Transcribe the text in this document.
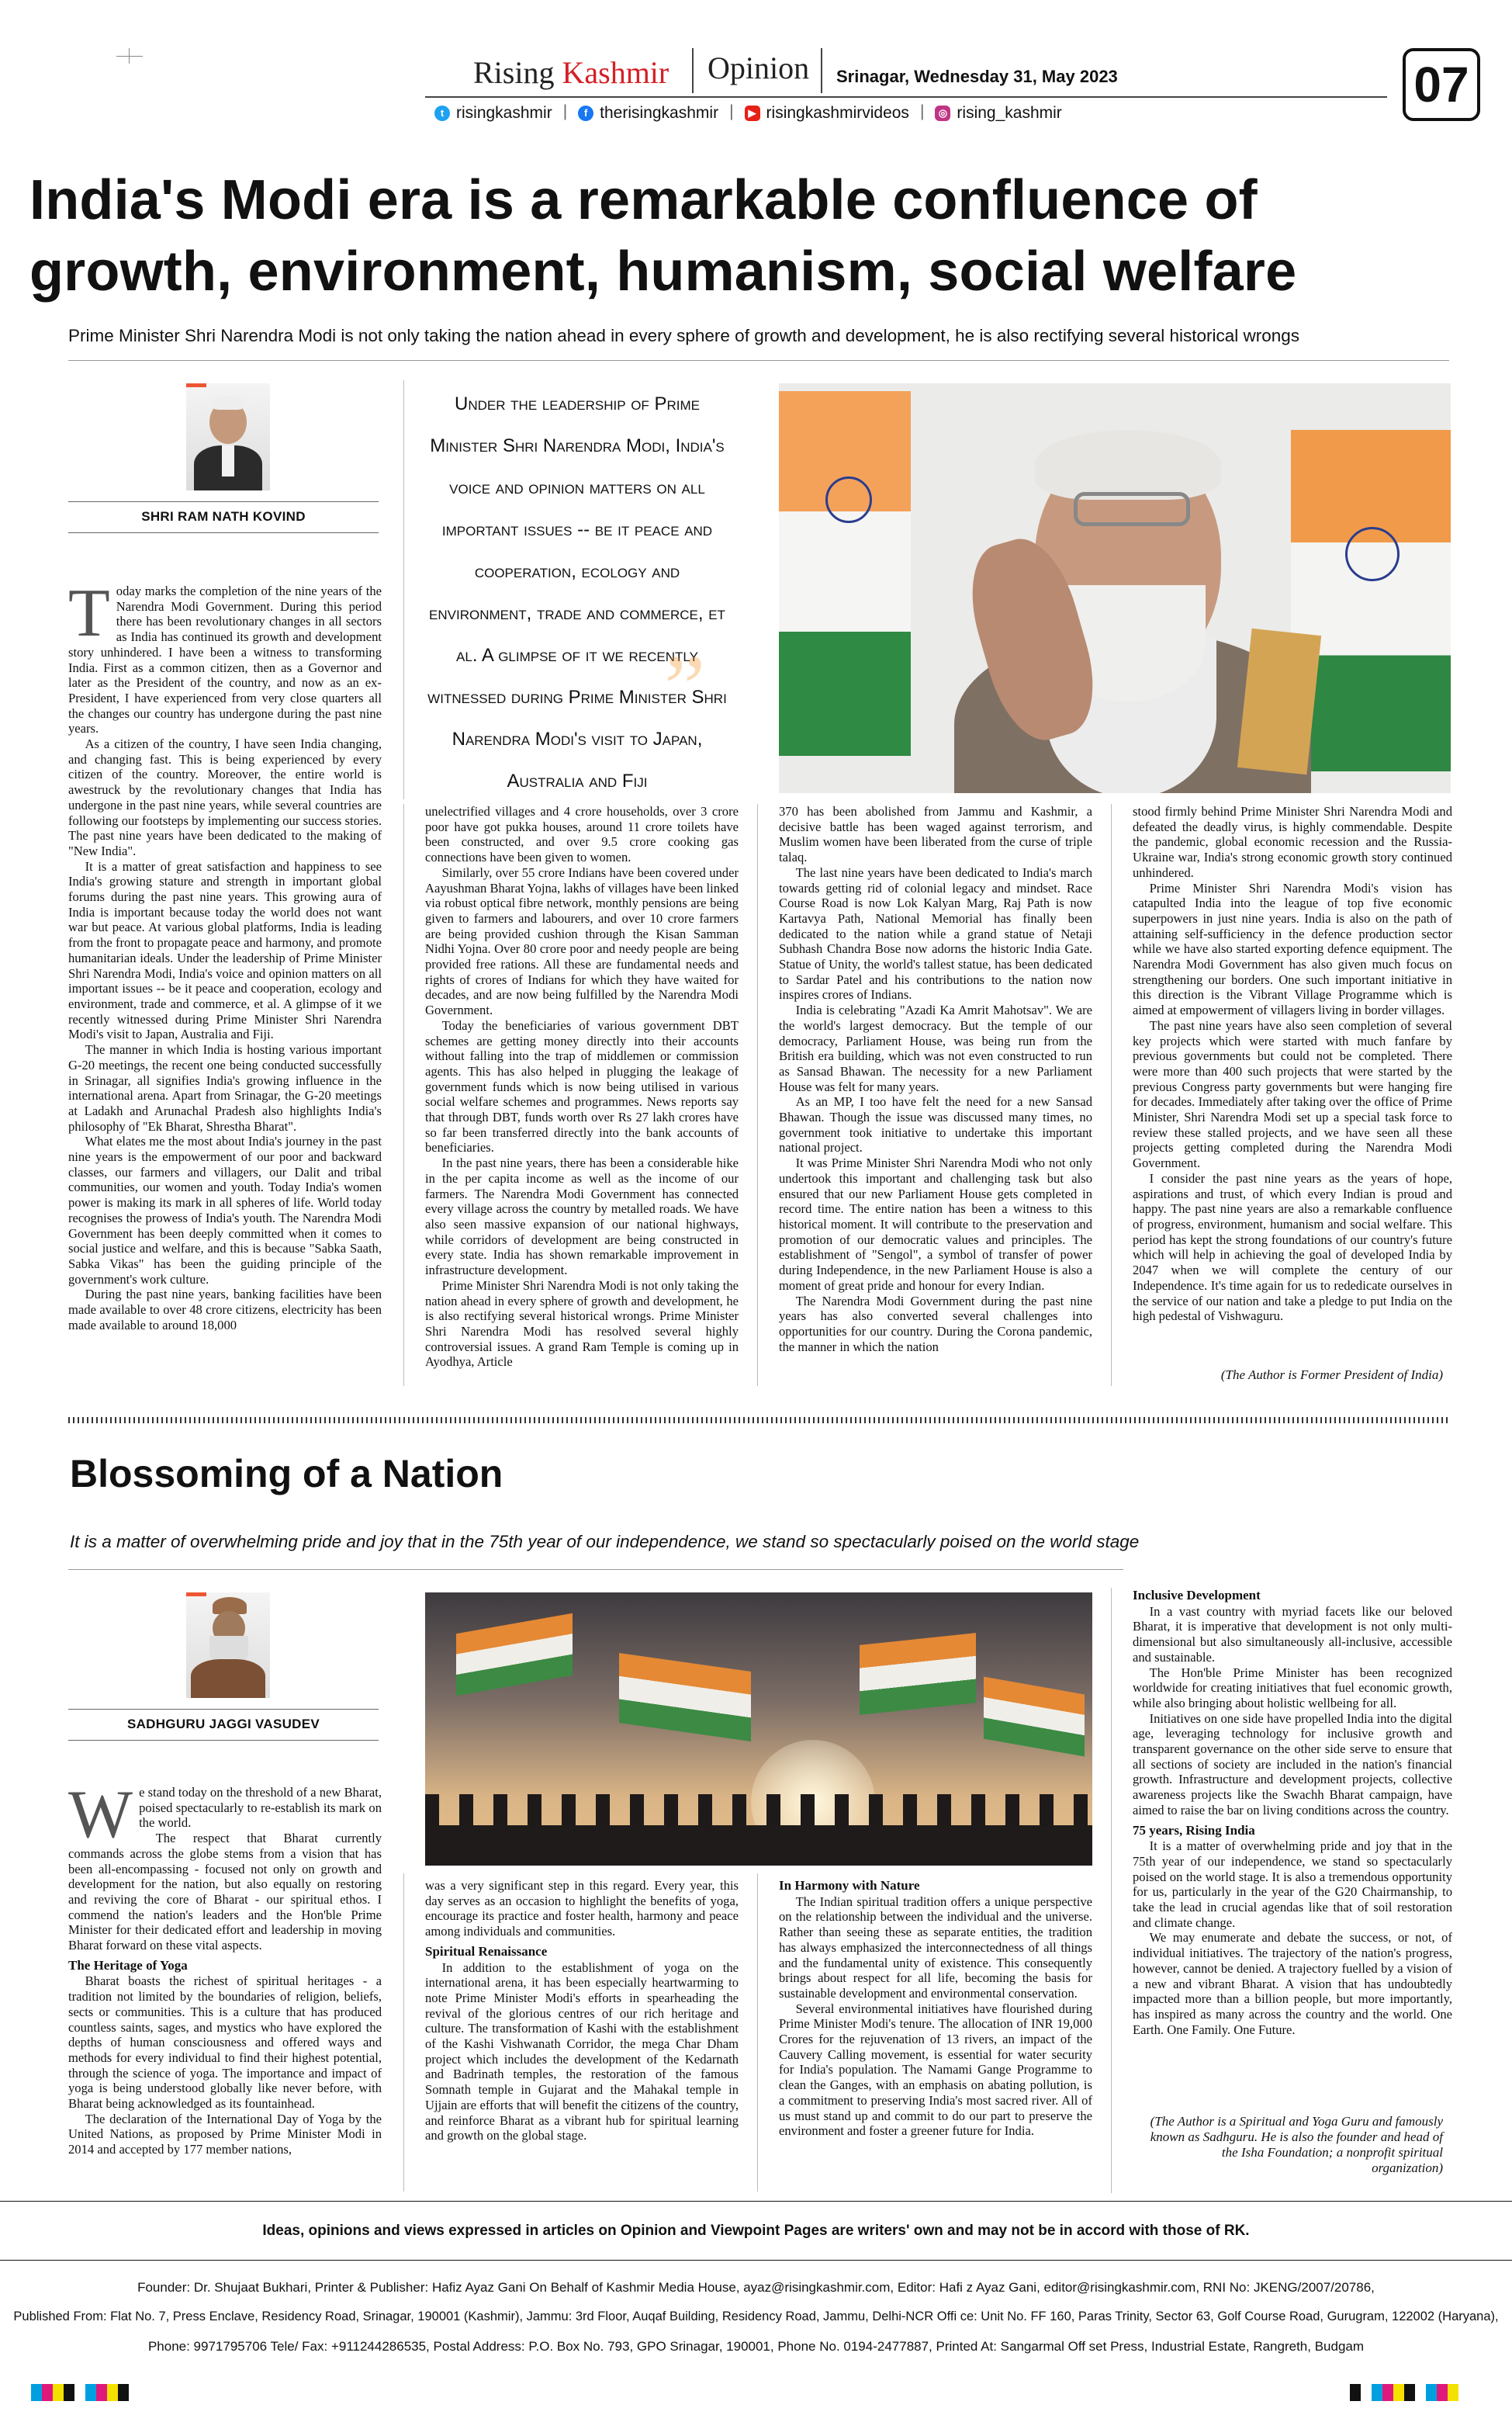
Rising Kashmir Opinion Srinagar, Wednesday 31, May 2023	07
t risingkashmir |	f therisingkashmir |	▶ risingkashmirvideos |	◎ rising_kashmir
India's Modi era is a remarkable confluence of
growth, environment, humanism, social welfare
Prime Minister Shri Narendra Modi is not only taking the nation ahead in every sphere of growth and development, he is also rectifying several historical wrongs
SHRI RAM NATH KOVIND
Under the leadership of Prime Minister Shri Narendra Modi, India's voice and opinion matters on all important issues -- be it peace and cooperation, ecology and environment, trade and commerce, et al. A glimpse of it we recently witnessed during Prime Minister Shri Narendra Modi's visit to Japan, Australia and Fiji
”

Today marks the completion of the nine years of the Narendra Modi Government. During this period there has been revolutionary changes in all sectors as India has continued its growth and development story unhindered. I have been a witness to transforming India. First as a common citizen, then as a Governor and later as the President of the country, and now as an ex-President, I have experienced from very close quarters all the changes our country has undergone during the past nine years.

As a citizen of the country, I have seen India changing, and changing fast. This is being experienced by every citizen of the country. Moreover, the entire world is awestruck by the revolutionary changes that India has undergone in the past nine years, while several countries are following our footsteps by implementing our success stories. The past nine years have been dedicated to the making of "New India".

It is a matter of great satisfaction and happiness to see India's growing stature and strength in important global forums during the past nine years. This growing aura of India is important because today the world does not want war but peace. At various global platforms, India is leading from the front to propagate peace and harmony, and promote humanitarian ideals. Under the leadership of Prime Minister Shri Narendra Modi, India's voice and opinion matters on all important issues -- be it peace and cooperation, ecology and environment, trade and commerce, et al. A glimpse of it we recently witnessed during Prime Minister Shri Narendra Modi's visit to Japan, Australia and Fiji.

The manner in which India is hosting various important G-20 meetings, the recent one being conducted successfully in Srinagar, all signifies India's growing influence in the international arena. Apart from Srinagar, the G-20 meetings at Ladakh and Arunachal Pradesh also highlights India's philosophy of "Ek Bharat, Shrestha Bharat".

What elates me the most about India's journey in the past nine years is the empowerment of our poor and backward classes, our farmers and villagers, our Dalit and tribal communities, our women and youth. Today India's women power is making its mark in all spheres of life. World today recognises the prowess of India's youth. The Narendra Modi Government has been deeply committed when it comes to social justice and welfare, and this is because "Sabka Saath, Sabka Vikas" has been the guiding principle of the government's work culture.

During the past nine years, banking facilities have been made available to over 48 crore citizens, electricity has been made available to around 18,000

unelectrified villages and 4 crore households, over 3 crore poor have got pukka houses, around 11 crore toilets have been constructed, and over 9.5 crore cooking gas connections have been given to women.

Similarly, over 55 crore Indians have been covered under Aayushman Bharat Yojna, lakhs of villages have been linked via robust optical fibre network, monthly pensions are being given to farmers and labourers, and over 10 crore farmers are being provided cushion through the Kisan Samman Nidhi Yojna. Over 80 crore poor and needy people are being provided free rations. All these are fundamental needs and rights of crores of Indians for which they have waited for decades, and are now being fulfilled by the Narendra Modi Government.

Today the beneficiaries of various government DBT schemes are getting money directly into their accounts without falling into the trap of middlemen or commission agents. This has also helped in plugging the leakage of government funds which is now being utilised in various social welfare schemes and programmes. News reports say that through DBT, funds worth over Rs 27 lakh crores have so far been transferred directly into the bank accounts of beneficiaries.

In the past nine years, there has been a considerable hike in the per capita income as well as the income of our farmers. The Narendra Modi Government has connected every village across the country by metalled roads. We have also seen massive expansion of our national highways, while corridors of development are being constructed in every state. India has shown remarkable improvement in infrastructure development.

Prime Minister Shri Narendra Modi is not only taking the nation ahead in every sphere of growth and development, he is also rectifying several historical wrongs. Prime Minister Shri Narendra Modi has resolved several highly controversial issues. A grand Ram Temple is coming up in Ayodhya, Article

370 has been abolished from Jammu and Kashmir, a decisive battle has been waged against terrorism, and Muslim women have been liberated from the curse of triple talaq.

The last nine years have been dedicated to India's march towards getting rid of colonial legacy and mindset. Race Course Road is now Lok Kalyan Marg, Raj Path is now Kartavya Path, National Memorial has finally been dedicated to the nation while a grand statue of Netaji Subhash Chandra Bose now adorns the historic India Gate. Statue of Unity, the world's tallest statue, has been dedicated to Sardar Patel and his contributions to the nation now inspires crores of Indians.

India is celebrating "Azadi Ka Amrit Mahotsav". We are the world's largest democracy. But the temple of our democracy, Parliament House, was being run from the British era building, which was not even constructed to run as Sansad Bhawan. The necessity for a new Parliament House was felt for many years.

As an MP, I too have felt the need for a new Sansad Bhawan. Though the issue was discussed many times, no government took initiative to undertake this important national project.

It was Prime Minister Shri Narendra Modi who not only undertook this important and challenging task but also ensured that our new Parliament House gets completed in record time. The entire nation has been a witness to this historical moment. It will contribute to the preservation and promotion of our democratic values and principles. The establishment of "Sengol", a symbol of transfer of power during Independence, in the new Parliament House is also a moment of great pride and honour for every Indian.

The Narendra Modi Government during the past nine years has also converted several challenges into opportunities for our country. During the Corona pandemic, the manner in which the nation

stood firmly behind Prime Minister Shri Narendra Modi and defeated the deadly virus, is highly commendable. Despite the pandemic, global economic recession and the Russia-Ukraine war, India's strong economic growth story continued unhindered.

Prime Minister Shri Narendra Modi's vision has catapulted India into the league of top five economic superpowers in just nine years. India is also on the path of attaining self-sufficiency in the defence production sector while we have also started exporting defence equipment. The Narendra Modi Government has also given much focus on strengthening our borders. One such important initiative in this direction is the Vibrant Village Programme which is aimed at empowerment of villagers living in border villages.

The past nine years have also seen completion of several key projects which were started with much fanfare by previous governments but could not be completed. There were more than 400 such projects that were started by the previous Congress party governments but were hanging fire for decades. Immediately after taking over the office of Prime Minister, Shri Narendra Modi set up a special task force to review these stalled projects, and we have seen all these projects getting completed during the Narendra Modi Government.

I consider the past nine years as the years of hope, aspirations and trust, of which every Indian is proud and happy. The past nine years are also a remarkable confluence of progress, environment, humanism and social welfare. This period has kept the strong foundations of our country's future which will help in achieving the goal of developed India by 2047 when we will complete the century of our Independence. It's time again for us to rededicate ourselves in the service of our nation and take a pledge to put India on the high pedestal of Vishwaguru.

(The Author is Former President of India)
Blossoming of a Nation
It is a matter of overwhelming pride and joy that in the 75th year of our independence, we stand so spectacularly poised on the world stage
SADHGURU JAGGI VASUDEV

We stand today on the threshold of a new Bharat, poised spectacularly to re-establish its mark on the world.

The respect that Bharat currently commands across the globe stems from a vision that has been all-encompassing - focused not only on growth and development for the nation, but also equally on restoring and reviving the core of Bharat - our spiritual ethos. I commend the nation's leaders and the Hon'ble Prime Minister for their dedicated effort and leadership in moving Bharat forward on these vital aspects.

The Heritage of Yoga

Bharat boasts the richest of spiritual heritages - a tradition not limited by the boundaries of religion, beliefs, sects or communities. This is a culture that has produced countless saints, sages, and mystics who have explored the depths of human consciousness and offered ways and methods for every individual to find their highest potential, through the science of yoga. The importance and impact of yoga is being understood globally like never before, with Bharat being acknowledged as its fountainhead.

The declaration of the International Day of Yoga by the United Nations, as proposed by Prime Minister Modi in 2014 and accepted by 177 member nations,

was a very significant step in this regard. Every year, this day serves as an occasion to highlight the benefits of yoga, encourage its practice and foster health, harmony and peace among individuals and communities.

Spiritual Renaissance

In addition to the establishment of yoga on the international arena, it has been especially heartwarming to note Prime Minister Modi's efforts in spearheading the revival of the glorious centres of our rich heritage and culture. The transformation of Kashi with the establishment of the Kashi Vishwanath Corridor, the mega Char Dham project which includes the development of the Kedarnath and Badrinath temples, the restoration of the famous Somnath temple in Gujarat and the Mahakal temple in Ujjain are efforts that will benefit the citizens of the country, and reinforce Bharat as a vibrant hub for spiritual learning and growth on the global stage.

In Harmony with Nature

The Indian spiritual tradition offers a unique perspective on the relationship between the individual and the universe. Rather than seeing these as separate entities, the tradition has always emphasized the interconnectedness of all things and the fundamental unity of existence. This consequently brings about respect for all life, becoming the basis for sustainable development and environmental conservation.

Several environmental initiatives have flourished during Prime Minister Modi's tenure. The allocation of INR 19,000 Crores for the rejuvenation of 13 rivers, an impact of the Cauvery Calling movement, is essential for water security for India's population. The Namami Gange Programme to clean the Ganges, with an emphasis on abating pollution, is a commitment to preserving India's most sacred river. All of us must stand up and commit to do our part to preserve the environment and foster a greener future for India.

Inclusive Development

In a vast country with myriad facets like our beloved Bharat, it is imperative that development is not only multi-dimensional but also simultaneously all-inclusive, accessible and sustainable.

The Hon'ble Prime Minister has been recognized worldwide for creating initiatives that fuel economic growth, while also bringing about holistic wellbeing for all.

Initiatives on one side have propelled India into the digital age, leveraging technology for inclusive growth and transparent governance on the other side serve to ensure that all sections of society are included in the nation's financial growth. Infrastructure and development projects, collective awareness projects like the Swachh Bharat campaign, have aimed to raise the bar on living conditions across the country.

75 years, Rising India

It is a matter of overwhelming pride and joy that in the 75th year of our independence, we stand so spectacularly poised on the world stage. It is also a tremendous opportunity for us, particularly in the year of the G20 Chairmanship, to take the lead in crucial agendas like that of soil restoration and climate change.

We may enumerate and debate the success, or not, of individual initiatives. The trajectory of the nation's progress, however, cannot be denied. A trajectory fuelled by a vision of a new and vibrant Bharat. A vision that has undoubtedly impacted more than a billion people, but more importantly, has inspired as many across the country and the world. One Earth. One Family. One Future.

(The Author is a Spiritual and Yoga Guru and famously known as Sadhguru. He is also the founder and head of the Isha Foundation; a nonprofit spiritual organization)
Ideas, opinions and views expressed in articles on Opinion and Viewpoint Pages are writers' own and may not be in accord with those of RK.
Founder: Dr. Shujaat Bukhari, Printer & Publisher: Hafiz Ayaz Gani On Behalf of Kashmir Media House, ayaz@risingkashmir.com, Editor: Hafi z Ayaz Gani, editor@risingkashmir.com, RNI No: JKENG/2007/20786,
Published From: Flat No. 7, Press Enclave, Residency Road, Srinagar, 190001 (Kashmir), Jammu: 3rd Floor, Auqaf Building, Residency Road, Jammu, Delhi-NCR Offi ce: Unit No. FF 160, Paras Trinity, Sector 63, Golf Course Road, Gurugram, 122002 (Haryana),
Phone: 9971795706 Tele/ Fax: +911244286535, Postal Address: P.O. Box No. 793, GPO Srinagar, 190001, Phone No. 0194-2477887, Printed At: Sangarmal Off set Press, Industrial Estate, Rangreth, Budgam
